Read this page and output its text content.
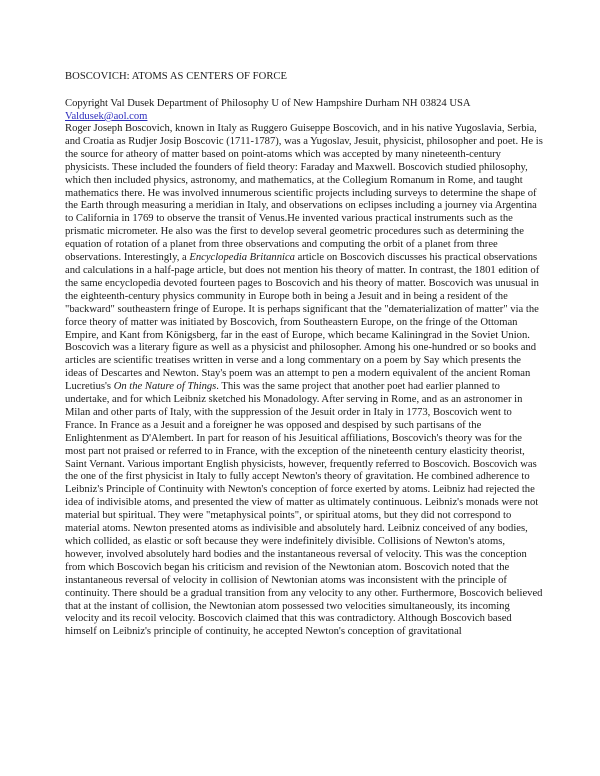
BOSCOVICH: ATOMS AS CENTERS OF FORCE

Copyright Val Dusek Department of Philosophy U of New Hampshire Durham NH 03824 USA
Valdusek@aol.com

Roger Joseph Boscovich, known in Italy as Ruggero Guiseppe Boscovich, and in his native Yugoslavia, Serbia, and Croatia as Rudjer Josip Boscovic (1711-1787), was a Yugoslav, Jesuit, physicist, philosopher and poet. He is the source for atheory of matter based on point-atoms which was accepted by many nineteenth-century physicists. These included the founders of field theory: Faraday and Maxwell. Boscovich studied philosophy, which then included physics, astronomy, and mathematics, at the Collegium Romanum in Rome, and taught mathematics there. He was involved innumerous scientific projects including surveys to determine the shape of the Earth through measuring a meridian in Italy, and observations on eclipses including a journey via Argentina to California in 1769 to observe the transit of Venus.He invented various practical instruments such as the prismatic micrometer. He also was the first to develop several geometric procedures such as determining the equation of rotation of a planet from three observations and computing the orbit of a planet from three observations. Interestingly, a Encyclopedia Britannica article on Boscovich discusses his practical observations and calculations in a half-page article, but does not mention his theory of matter. In contrast, the 1801 edition of the same encyclopedia devoted fourteen pages to Boscovich and his theory of matter. Boscovich was unusual in the eighteenth-century physics community in Europe both in being a Jesuit and in being a resident of the "backward" southeastern fringe of Europe. It is perhaps significant that the "dematerialization of matter" via the force theory of matter was initiated by Boscovich, from Southeastern Europe, on the fringe of the Ottoman Empire, and Kant from Königsberg, far in the east of Europe, which became Kaliningrad in the Soviet Union. Boscovich was a literary figure as well as a physicist and philosopher. Among his one-hundred or so books and articles are scientific treatises written in verse and a long commentary on a poem by Say which presents the ideas of Descartes and Newton. Stay's poem was an attempt to pen a modern equivalent of the ancient Roman Lucretius's On the Nature of Things. This was the same project that another poet had earlier planned to undertake, and for which Leibniz sketched his Monadology. After serving in Rome, and as an astronomer in Milan and other parts of Italy, with the suppression of the Jesuit order in Italy in 1773, Boscovich went to France. In France as a Jesuit and a foreigner he was opposed and despised by such partisans of the Enlightenment as D'Alembert. In part for reason of his Jesuitical affiliations, Boscovich's theory was for the most part not praised or referred to in France, with the exception of the nineteenth century elasticity theorist, Saint Vernant. Various important English physicists, however, frequently referred to Boscovich. Boscovich was the one of the first physicist in Italy to fully accept Newton's theory of gravitation. He combined adherence to Leibniz's Principle of Continuity with Newton's conception of force exerted by atoms. Leibniz had rejected the idea of indivisible atoms, and presented the view of matter as ultimately continuous. Leibniz's monads were not material but spiritual. They were "metaphysical points", or spiritual atoms, but they did not correspond to material atoms. Newton presented atoms as indivisible and absolutely hard. Leibniz conceived of any bodies, which collided, as elastic or soft because they were indefinitely divisible. Collisions of Newton's atoms, however, involved absolutely hard bodies and the instantaneous reversal of velocity. This was the conception from which Boscovich began his criticism and revision of the Newtonian atom. Boscovich noted that the instantaneous reversal of velocity in collision of Newtonian atoms was inconsistent with the principle of continuity. There should be a gradual transition from any velocity to any other. Furthermore, Boscovich believed that at the instant of collision, the Newtonian atom possessed two velocities simultaneously, its incoming velocity and its recoil velocity. Boscovich claimed that this was contradictory. Although Boscovich based himself on Leibniz's principle of continuity, he accepted Newton's conception of gravitational
